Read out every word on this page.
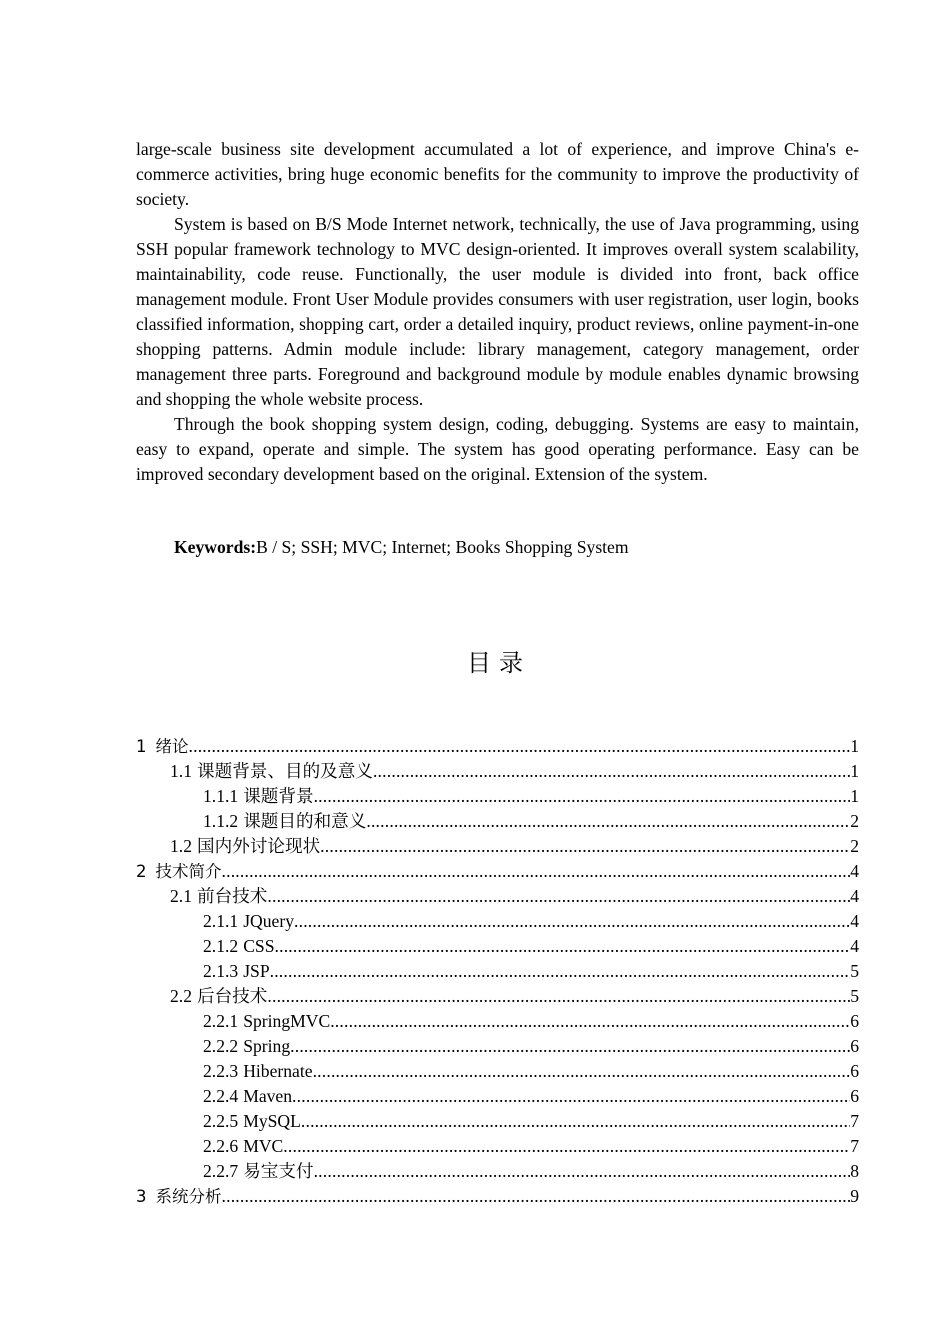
large-scale business site development accumulated a lot of experience, and improve China's e-commerce activities, bring huge economic benefits for the community to improve the productivity of society.

System is based on B/S Mode Internet network, technically, the use of Java programming, using SSH popular framework technology to MVC design-oriented. It improves overall system scalability, maintainability, code reuse. Functionally, the user module is divided into front, back office management module. Front User Module provides consumers with user registration, user login, books classified information, shopping cart, order a detailed inquiry, product reviews, online payment-in-one shopping patterns. Admin module include: library management, category management, order management three parts. Foreground and background module by module enables dynamic browsing and shopping the whole website process.

Through the book shopping system design, coding, debugging. Systems are easy to maintain, easy to expand, operate and simple. The system has good operating performance. Easy can be improved secondary development based on the original. Extension of the system.

Keywords:B / S; SSH; MVC; Internet; Books Shopping System
目录
1 绪论 .....	1
1.1 课题背景、目的及意义 .....	1
1.1.1 课题背景 .....	1
1.1.2 课题目的和意义 .....	2
1.2 国内外讨论现状 .....	2
2 技术简介 .....	4
2.1 前台技术 .....	4
2.1.1 JQuery .....	4
2.1.2 CSS .....	4
2.1.3 JSP .....	5
2.2 后台技术 .....	5
2.2.1 SpringMVC .....	6
2.2.2 Spring .....	6
2.2.3 Hibernate .....	6
2.2.4 Maven .....	6
2.2.5 MySQL .....	7
2.2.6 MVC .....	7
2.2.7 易宝支付 .....	8
3 系统分析 .....	9
